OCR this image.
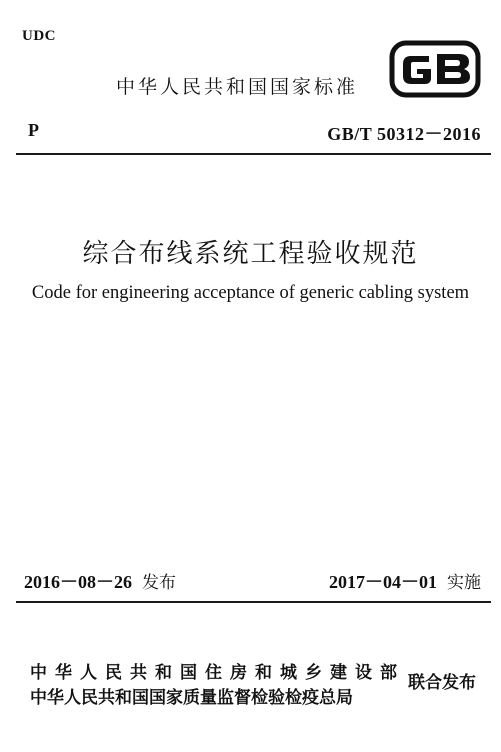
UDC
中华人民共和国国家标准
P	GB/T 50312－2016
综合布线系统工程验收规范
Code for engineering acceptance of generic cabling system
2016－08－26 发布	2017－04－01 实施
中华人民共和国住房和城乡建设部
中华人民共和国国家质量监督检验检疫总局
联合发布
